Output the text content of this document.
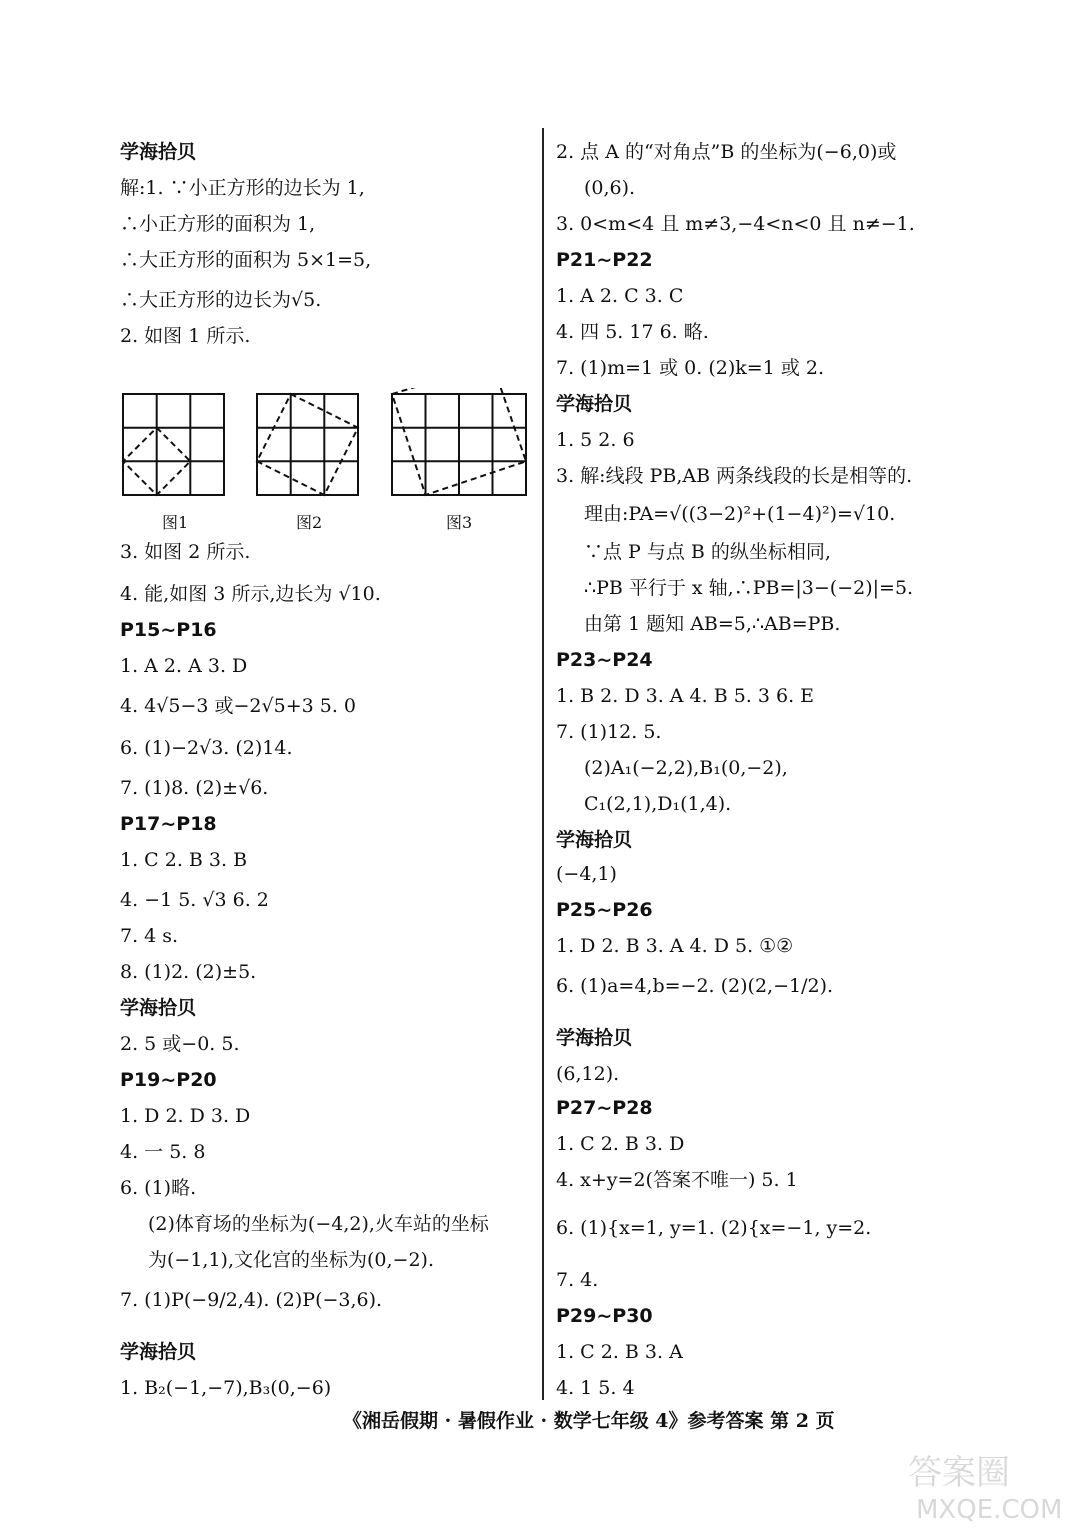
学海拾贝
解:1. ∵小正方形的边长为 1,
∴小正方形的面积为 1,
∴大正方形的面积为 5×1=5,
∴大正方形的边长为√5.
2. 如图 1 所示.
3. 如图 2 所示.
4. 能,如图 3 所示,边长为 √10.
P15~P16
1. A 2. A 3. D
4. 4√5−3 或−2√5+3 5. 0
6. (1)−2√3. (2)14.
7. (1)8. (2)±√6.
P17~P18
1. C 2. B 3. B
4. −1 5. √3 6. 2
7. 4 s.
8. (1)2. (2)±5.
学海拾贝
2. 5 或−0. 5.
P19~P20
1. D 2. D 3. D
4. 一 5. 8
6. (1)略.
(2)体育场的坐标为(−4,2),火车站的坐标
为(−1,1),文化宫的坐标为(0,−2).
7. (1)P(−9/2,4). (2)P(−3,6).
学海拾贝
1. B₂(−1,−7),B₃(0,−6)
图1	图2	图3
2. 点 A 的“对角点”B 的坐标为(−6,0)或
(0,6).
3. 0<m<4 且 m≠3,−4<n<0 且 n≠−1.
P21~P22
1. A 2. C 3. C
4. 四 5. 17 6. 略.
7. (1)m=1 或 0. (2)k=1 或 2.
学海拾贝
1. 5 2. 6
3. 解:线段 PB,AB 两条线段的长是相等的.
理由:PA=√((3−2)²+(1−4)²)=√10.
∵点 P 与点 B 的纵坐标相同,
∴PB 平行于 x 轴,∴PB=|3−(−2)|=5.
由第 1 题知 AB=5,∴AB=PB.
P23~P24
1. B 2. D 3. A 4. B 5. 3 6. E
7. (1)12. 5.
(2)A₁(−2,2),B₁(0,−2),
C₁(2,1),D₁(1,4).
学海拾贝
(−4,1)
P25~P26
1. D 2. B 3. A 4. D 5. ①②
6. (1)a=4,b=−2. (2)(2,−1/2).
学海拾贝
(6,12).
P27~P28
1. C 2. B 3. D
4. x+y=2(答案不唯一) 5. 1
6. (1){x=1, y=1. (2){x=−1, y=2.
7. 4.
P29~P30
1. C 2. B 3. A
4. 1 5. 4
《湘岳假期 · 暑假作业 · 数学七年级 4》参考答案 第 2 页
答案圈
MXQE.COM
